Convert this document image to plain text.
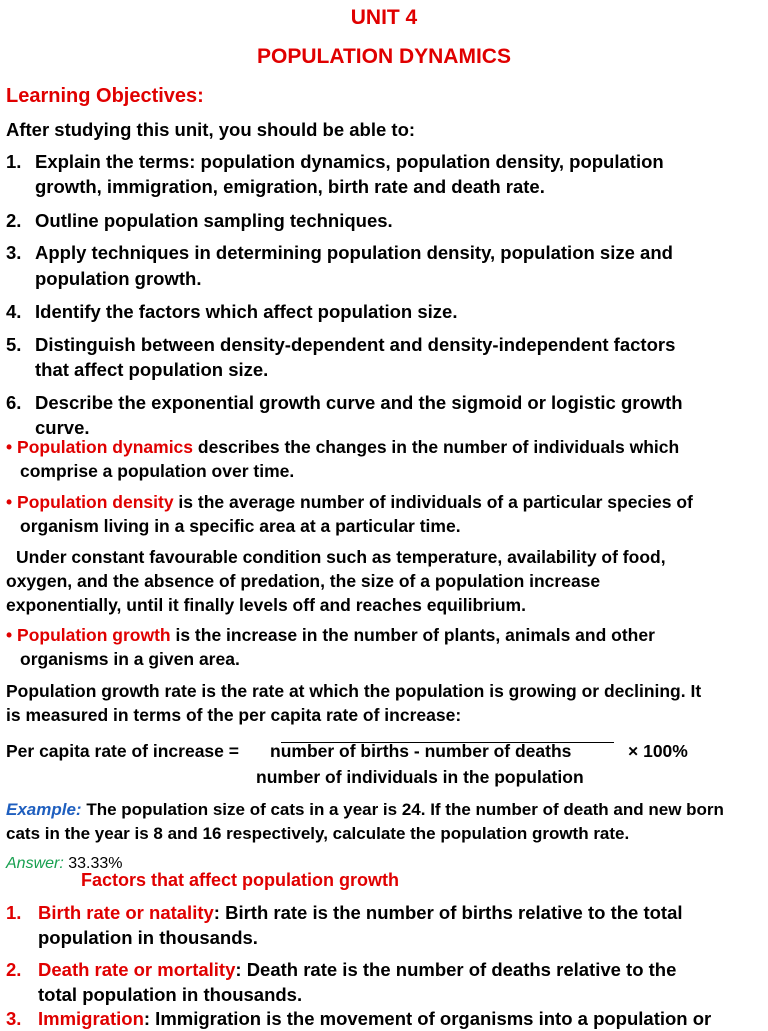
UNIT 4
POPULATION DYNAMICS
Learning Objectives:
After studying this unit, you should be able to:
1. Explain the terms: population dynamics, population density, population
growth, immigration, emigration, birth rate and death rate.
2. Outline population sampling techniques.
3. Apply techniques in determining population density, population size and
population growth.
4. Identify the factors which affect population size.
5. Distinguish between density-dependent and density-independent factors
that affect population size.
6. Describe the exponential growth curve and the sigmoid or logistic growth
curve.
• Population dynamics describes the changes in the number of individuals which
comprise a population over time.
• Population density is the average number of individuals of a particular species of
organism living in a specific area at a particular time.
Under constant favourable condition such as temperature, availability of food,
oxygen, and the absence of predation, the size of a population increase
exponentially, until it finally levels off and reaches equilibrium.
• Population growth is the increase in the number of plants, animals and other
organisms in a given area.
Population growth rate is the rate at which the population is growing or declining. It
is measured in terms of the per capita rate of increase:
Per capita rate of increase = number of births - number of deaths	× 100%
number of individuals in the population
Example: The population size of cats in a year is 24. If the number of death and new born
cats in the year is 8 and 16 respectively, calculate the population growth rate.
Answer: 33.33%
Factors that affect population growth
1. Birth rate or natality: Birth rate is the number of births relative to the total
population in thousands.
2. Death rate or mortality: Death rate is the number of deaths relative to the
total population in thousands.
3. Immigration: Immigration is the movement of organisms into a population or
